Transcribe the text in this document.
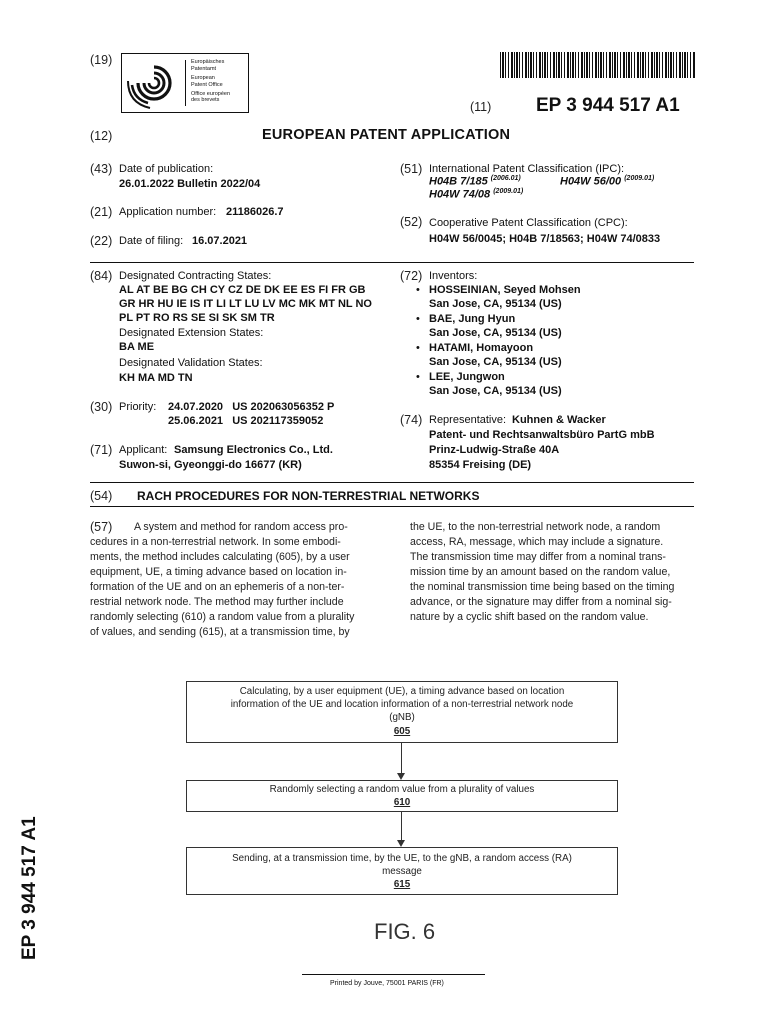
(19)	Europäisches
Patentamt
European
Patent Office
Office européen
des brevets	(11) EP 3 944 517 A1
(12)	EUROPEAN PATENT APPLICATION
(43) Date of publication:
26.01.2022 Bulletin 2022/04
(21) Application number: 21186026.7
(22) Date of filing: 16.07.2021
(51) International Patent Classification (IPC):
H04B 7/185 $^{(2006.01)}$	H04W 56/00 $^{(2009.01)}$
H04W 74/08 $^{(2009.01)}$
(52) Cooperative Patent Classification (CPC):
H04W 56/0045; H04B 7/18563; H04W 74/0833
(84) Designated Contracting States:
AL AT BE BG CH CY CZ DE DK EE ES FI FR GB
GR HR HU IE IS IT LI LT LU LV MC MK MT NL NO
PL PT RO RS SE SI SK SM TR
Designated Extension States:
BA ME
Designated Validation States:
KH MA MD TN
(30) Priority: 24.07.2020   US 202063056352 P
25.06.2021   US 202117359052
(71) Applicant: Samsung Electronics Co., Ltd.
Suwon-si, Gyeonggi-do 16677 (KR)
(72) Inventors:
• HOSSEINIAN, Seyed Mohsen
San Jose, CA, 95134 (US)
• BAE, Jung Hyun
San Jose, CA, 95134 (US)
• HATAMI, Homayoon
San Jose, CA, 95134 (US)
• LEE, Jungwon
San Jose, CA, 95134 (US)
(74) Representative: Kuhnen & Wacker
Patent- und Rechtsanwaltsbüro PartG mbB
Prinz-Ludwig-Straße 40A
85354 Freising (DE)
(54) RACH PROCEDURES FOR NON-TERRESTRIAL NETWORKS
(57)	A system and method for random access pro-
cedures in a non-terrestrial network. In some embodi-
ments, the method includes calculating (605), by a user
equipment, UE, a timing advance based on location in-
formation of the UE and on an ephemeris of a non-ter-
restrial network node. The method may further include
randomly selecting (610) a random value from a plurality
of values, and sending (615), at a transmission time, by
the UE, to the non-terrestrial network node, a random
access, RA, message, which may include a signature.
The transmission time may differ from a nominal trans-
mission time by an amount based on the random value,
the nominal transmission time being based on the timing
advance, or the signature may differ from a nominal sig-
nature by a cyclic shift based on the random value.
Calculating, by a user equipment (UE), a timing advance based on location
information of the UE and location information of a non-terrestrial network node
(gNB)
605
Randomly selecting a random value from a plurality of values
610
Sending, at a transmission time, by the UE, to the gNB, a random access (RA)
message
615
FIG. 6
Printed by Jouve, 75001 PARIS (FR)
EP 3 944 517 A1
